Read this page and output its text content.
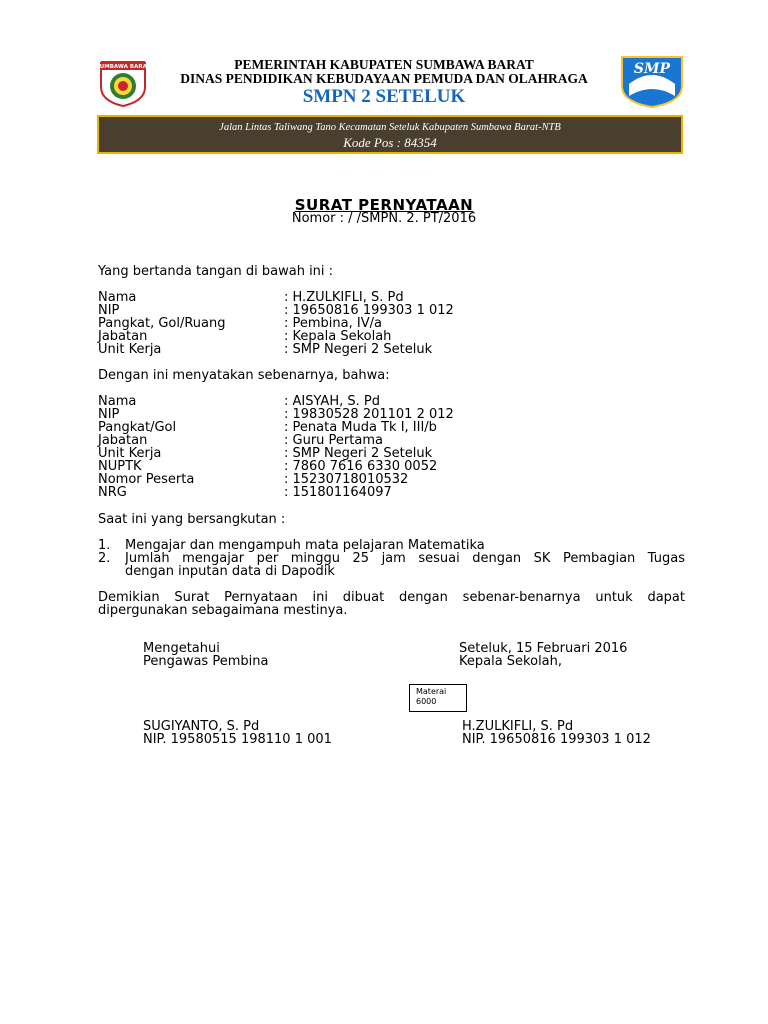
SUMBAWA BARAT	SMP
PEMERINTAH KABUPATEN SUMBAWA BARAT
DINAS PENDIDIKAN KEBUDAYAAN PEMUDA DAN OLAHRAGA
SMPN 2 SETELUK
Jalan Lintas Taliwang Tano Kecamatan Seteluk Kabupaten Sumbawa Barat-NTB
Kode Pos : 84354
SURAT PERNYATAAN
Nomor : / /SMPN. 2. PT/2016
Yang bertanda tangan di bawah ini :
Nama	: H.ZULKIFLI, S. Pd
NIP	: 19650816 199303 1 012
Pangkat, Gol/Ruang	: Pembina, IV/a
Jabatan	: Kepala Sekolah
Unit Kerja	: SMP Negeri 2 Seteluk
Dengan ini menyatakan sebenarnya, bahwa:
Nama	: AISYAH, S. Pd
NIP	: 19830528 201101 2 012
Pangkat/Gol	: Penata Muda Tk I, III/b
Jabatan	: Guru Pertama
Unit Kerja	: SMP Negeri 2 Seteluk
NUPTK	: 7860 7616 6330 0052
Nomor Peserta	: 15230718010532
NRG	: 151801164097
Saat ini yang bersangkutan :
1. Mengajar dan mengampuh mata pelajaran Matematika
2. Jumlah mengajar per minggu 25 jam sesuai dengan SK Pembagian Tugas
dengan inputan data di Dapodik
Demikian Surat Pernyataan ini dibuat dengan sebenar-benarnya untuk dapat
dipergunakan sebagaimana mestinya.
Mengetahui
Pengawas Pembina
Seteluk, 15 Februari 2016
Kepala Sekolah,
Materai
6000
SUGIYANTO, S. Pd
NIP. 19580515 198110 1 001
H.ZULKIFLI, S. Pd
NIP. 19650816 199303 1 012
